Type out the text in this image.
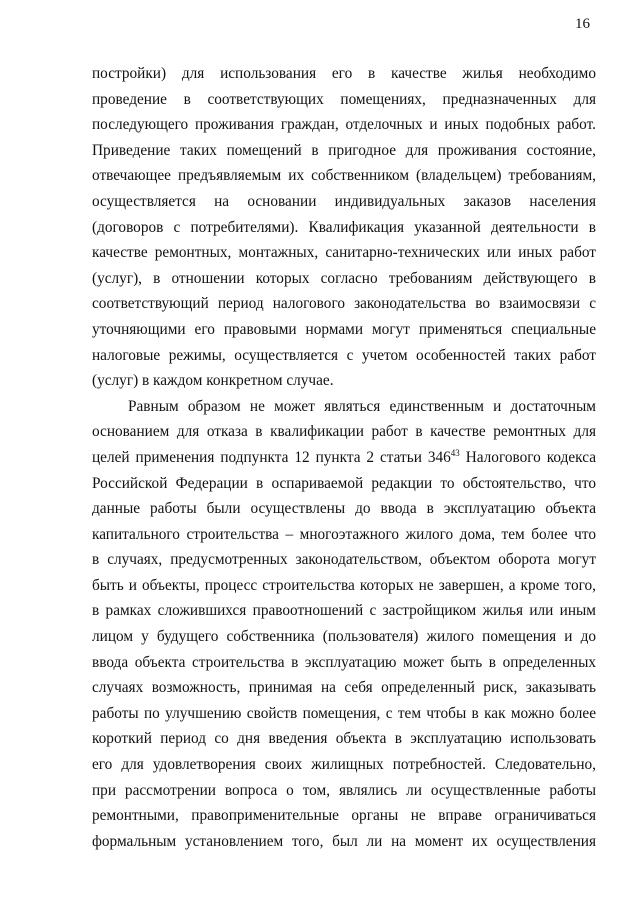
16
постройки) для использования его в качестве жилья необходимо
проведение в соответствующих помещениях, предназначенных для
последующего проживания граждан, отделочных и иных подобных работ.
Приведение таких помещений в пригодное для проживания состояние,
отвечающее предъявляемым их собственником (владельцем) требованиям,
осуществляется на основании индивидуальных заказов населения
(договоров с потребителями). Квалификация указанной деятельности в
качестве ремонтных, монтажных, санитарно-технических или иных работ
(услуг), в отношении которых согласно требованиям действующего в
соответствующий период налогового законодательства во взаимосвязи с
уточняющими его правовыми нормами могут применяться специальные
налоговые режимы, осуществляется с учетом особенностей таких работ
(услуг) в каждом конкретном случае.
Равным образом не может являться единственным и достаточным
основанием для отказа в квалификации работ в качестве ремонтных для
целей применения подпункта 12 пункта 2 статьи $346^{43}$ Налогового кодекса
Российской Федерации в оспариваемой редакции то обстоятельство, что
данные работы были осуществлены до ввода в эксплуатацию объекта
капитального строительства – многоэтажного жилого дома, тем более что
в случаях, предусмотренных законодательством, объектом оборота могут
быть и объекты, процесс строительства которых не завершен, а кроме того,
в рамках сложившихся правоотношений с застройщиком жилья или иным
лицом у будущего собственника (пользователя) жилого помещения и до
ввода объекта строительства в эксплуатацию может быть в определенных
случаях возможность, принимая на себя определенный риск, заказывать
работы по улучшению свойств помещения, с тем чтобы в как можно более
короткий период со дня введения объекта в эксплуатацию использовать
его для удовлетворения своих жилищных потребностей. Следовательно,
при рассмотрении вопроса о том, являлись ли осуществленные работы
ремонтными, правоприменительные органы не вправе ограничиваться
формальным установлением того, был ли на момент их осуществления
